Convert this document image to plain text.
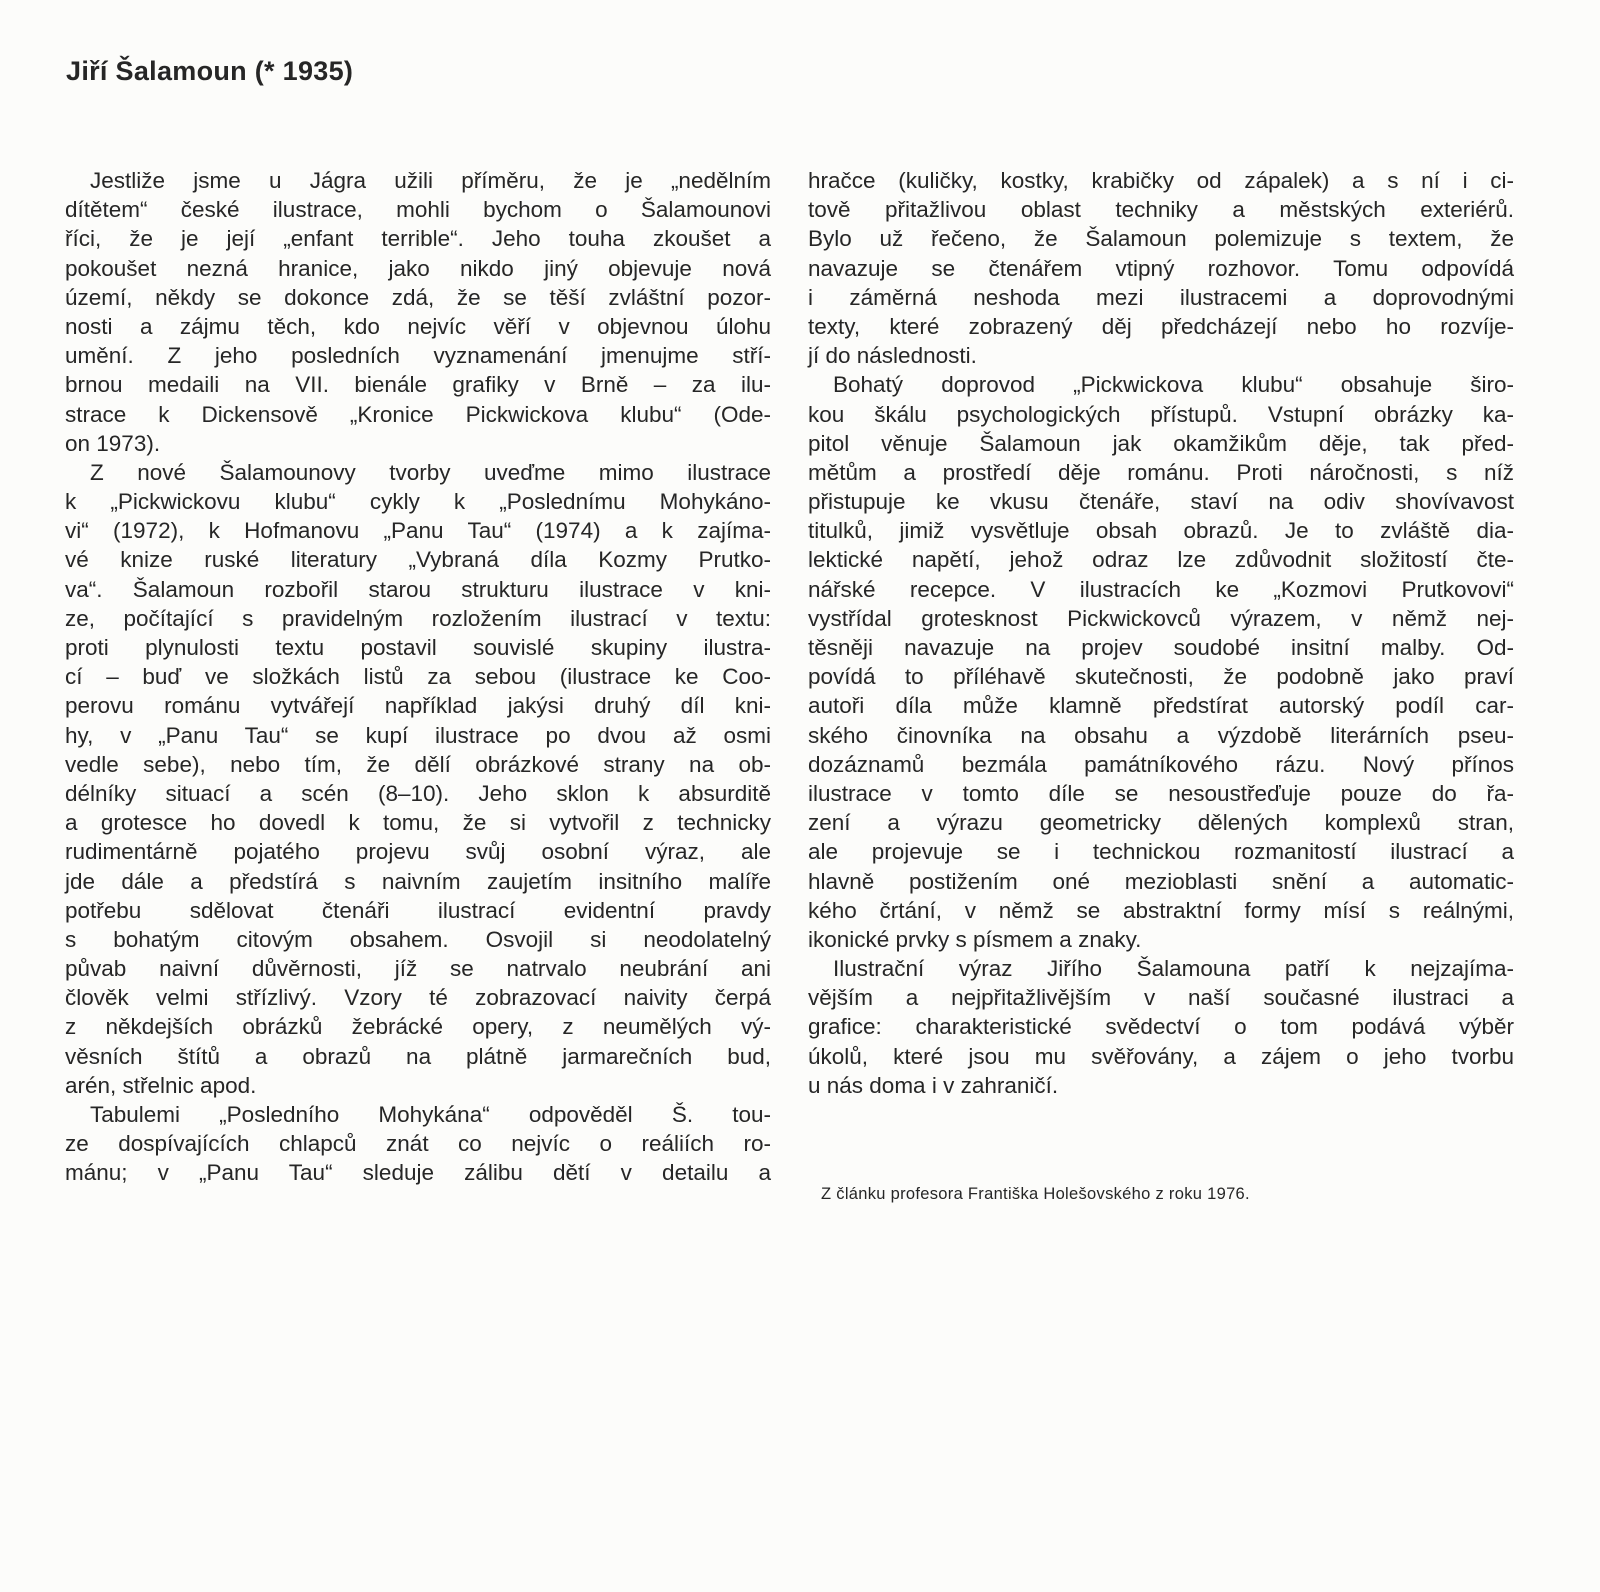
Jiří Šalamoun (* 1935)
Jestliže jsme u Jágra užili příměru, že je „nedělním
dítětem“ české ilustrace, mohli bychom o Šalamounovi
říci, že je její „enfant terrible“. Jeho touha zkoušet a
pokoušet nezná hranice, jako nikdo jiný objevuje nová
území, někdy se dokonce zdá, že se těší zvláštní pozor-
nosti a zájmu těch, kdo nejvíc věří v objevnou úlohu
umění. Z jeho posledních vyznamenání jmenujme stří-
brnou medaili na VII. bienále grafiky v Brně – za ilu-
strace k Dickensově „Kronice Pickwickova klubu“ (Ode-
on 1973).
Z nové Šalamounovy tvorby uveďme mimo ilustrace
k „Pickwickovu klubu“ cykly k „Poslednímu Mohykáno-
vi“ (1972), k Hofmanovu „Panu Tau“ (1974) a k zajíma-
vé knize ruské literatury „Vybraná díla Kozmy Prutko-
va“. Šalamoun rozbořil starou strukturu ilustrace v kni-
ze, počítající s pravidelným rozložením ilustrací v textu:
proti plynulosti textu postavil souvislé skupiny ilustra-
cí – buď ve složkách listů za sebou (ilustrace ke Coo-
perovu románu vytvářejí například jakýsi druhý díl kni-
hy, v „Panu Tau“ se kupí ilustrace po dvou až osmi
vedle sebe), nebo tím, že dělí obrázkové strany na ob-
délníky situací a scén (8–10). Jeho sklon k absurditě
a grotesce ho dovedl k tomu, že si vytvořil z technicky
rudimentárně pojatého projevu svůj osobní výraz, ale
jde dále a předstírá s naivním zaujetím insitního malíře
potřebu sdělovat čtenáři ilustrací evidentní pravdy
s bohatým citovým obsahem. Osvojil si neodolatelný
půvab naivní důvěrnosti, jíž se natrvalo neubrání ani
člověk velmi střízlivý. Vzory té zobrazovací naivity čerpá
z někdejších obrázků žebrácké opery, z neumělých vý-
věsních štítů a obrazů na plátně jarmarečních bud,
arén, střelnic apod.
Tabulemi „Posledního Mohykána“ odpověděl Š. tou-
ze dospívajících chlapců znát co nejvíc o reáliích ro-
mánu; v „Panu Tau“ sleduje zálibu dětí v detailu a
hračce (kuličky, kostky, krabičky od zápalek) a s ní i ci-
tově přitažlivou oblast techniky a městských exteriérů.
Bylo už řečeno, že Šalamoun polemizuje s textem, že
navazuje se čtenářem vtipný rozhovor. Tomu odpovídá
i záměrná neshoda mezi ilustracemi a doprovodnými
texty, které zobrazený děj předcházejí nebo ho rozvíje-
jí do následnosti.
Bohatý doprovod „Pickwickova klubu“ obsahuje širo-
kou škálu psychologických přístupů. Vstupní obrázky ka-
pitol věnuje Šalamoun jak okamžikům děje, tak před-
mětům a prostředí děje románu. Proti náročnosti, s níž
přistupuje ke vkusu čtenáře, staví na odiv shovívavost
titulků, jimiž vysvětluje obsah obrazů. Je to zvláště dia-
lektické napětí, jehož odraz lze zdůvodnit složitostí čte-
nářské recepce. V ilustracích ke „Kozmovi Prutkovovi“
vystřídal grotesknost Pickwickovců výrazem, v němž nej-
těsněji navazuje na projev soudobé insitní malby. Od-
povídá to příléhavě skutečnosti, že podobně jako praví
autoři díla může klamně předstírat autorský podíl car-
ského činovníka na obsahu a výzdobě literárních pseu-
dozáznamů bezmála památníkového rázu. Nový přínos
ilustrace v tomto díle se nesoustřeďuje pouze do řa-
zení a výrazu geometricky dělených komplexů stran,
ale projevuje se i technickou rozmanitostí ilustrací a
hlavně postižením oné mezioblasti snění a automatic-
kého črtání, v němž se abstraktní formy mísí s reálnými,
ikonické prvky s písmem a znaky.
Ilustrační výraz Jiřího Šalamouna patří k nejzajíma-
vějším a nejpřitažlivějším v naší současné ilustraci a
grafice: charakteristické svědectví o tom podává výběr
úkolů, které jsou mu svěřovány, a zájem o jeho tvorbu
u nás doma i v zahraničí.
Z článku profesora Františka Holešovského z roku 1976.
